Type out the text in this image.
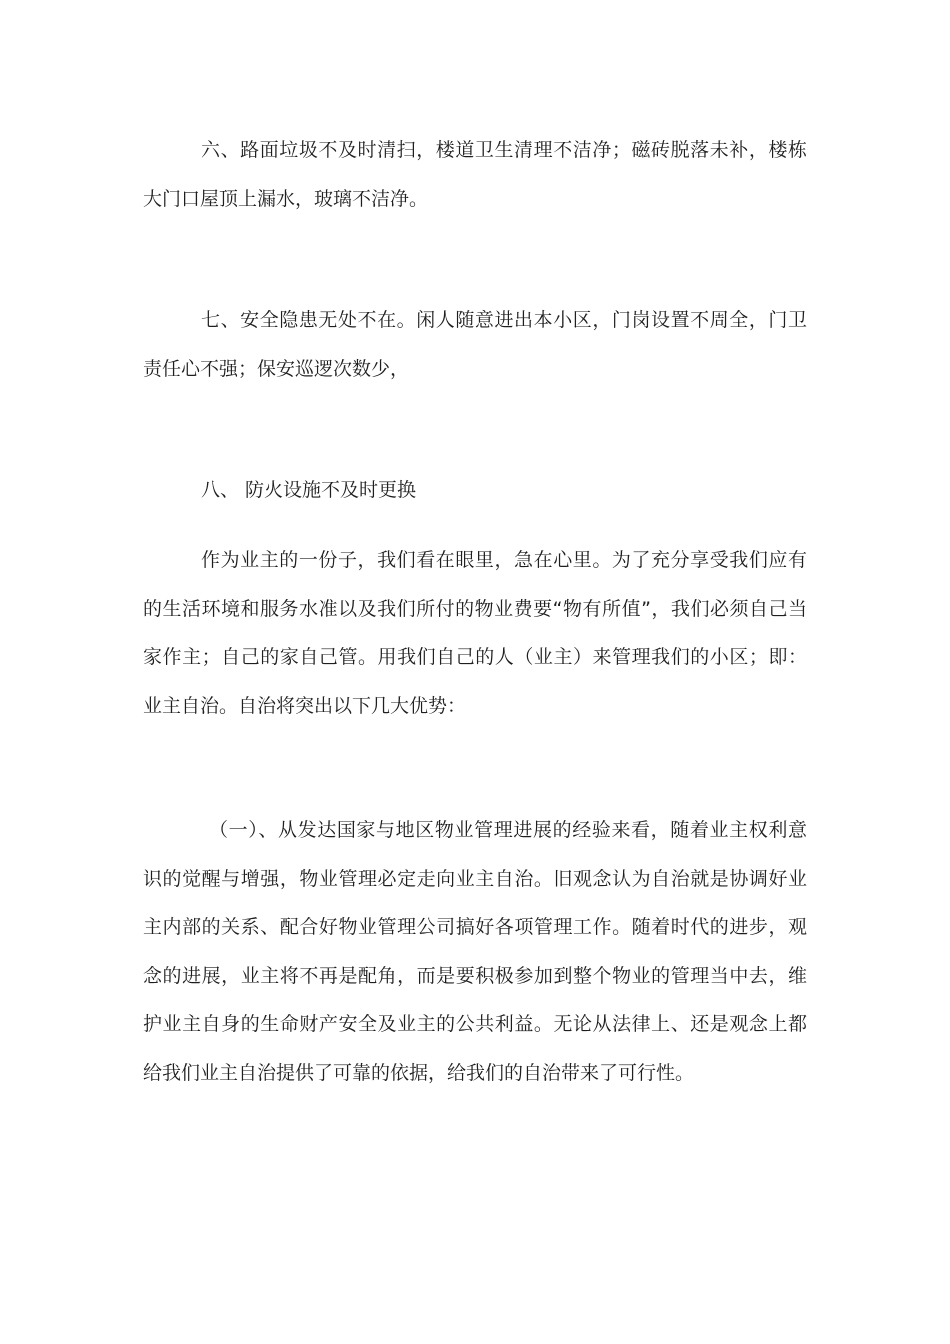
六、路面垃圾不及时清扫，楼道卫生清理不洁净；磁砖脱落未补，楼栋大门口屋顶上漏水，玻璃不洁净。

七、安全隐患无处不在。闲人随意进出本小区，门岗设置不周全，门卫责任心不强；保安巡逻次数少，

八、 防火设施不及时更换

作为业主的一份子，我们看在眼里，急在心里。为了充分享受我们应有的生活环境和服务水准以及我们所付的物业费要“物有所值”，我们必须自己当家作主；自己的家自己管。用我们自己的人（业主）来管理我们的小区；即：业主自治。自治将突出以下几大优势：

（一）、从发达国家与地区物业管理进展的经验来看，随着业主权利意识的觉醒与增强，物业管理必定走向业主自治。旧观念认为自治就是协调好业主内部的关系、配合好物业管理公司搞好各项管理工作。随着时代的进步，观念的进展，业主将不再是配角，而是要积极参加到整个物业的管理当中去，维护业主自身的生命财产安全及业主的公共利益。无论从法律上、还是观念上都给我们业主自治提供了可靠的依据，给我们的自治带来了可行性。
